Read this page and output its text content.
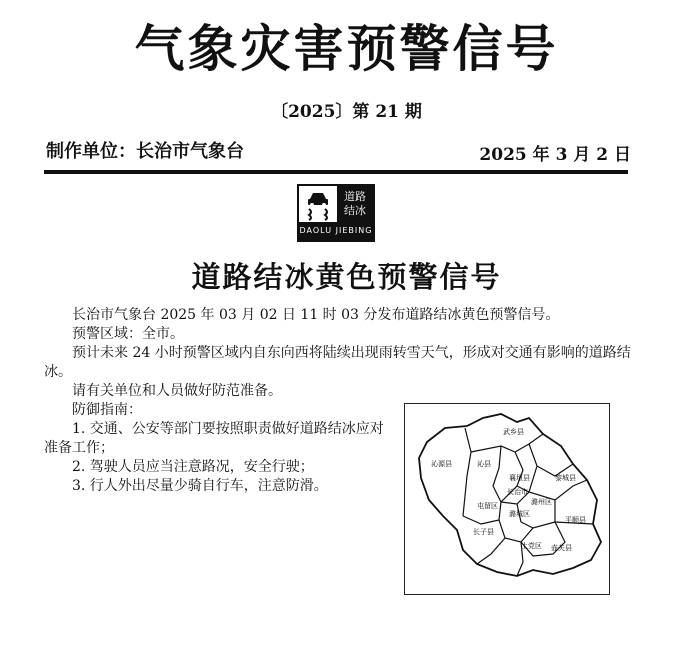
气象灾害预警信号
〔2025〕第 21 期
制作单位：长治市气象台	2025 年 3 月 2 日
道路
结冰
DAOLU JIEBING
道路结冰黄色预警信号

长治市气象台 2025 年 03 月 02 日 11 时 03 分发布道路结冰黄色预警信号。

预警区域：全市。

预计未来 24 小时预警区域内自东向西将陆续出现雨转雪天气，形成对交通有影响的道路结冰。

请有关单位和人员做好防范准备。

防御指南：

1. 交通、公安等部门要按照职责做好道路结冰应对准备工作；

2. 驾驶人员应当注意路况，安全行驶；

3. 行人外出尽量少骑自行车，注意防滑。

武乡县
沁源县	沁县
襄垣县	黎城县
屯留区	潞州区
长治市
潞城区
平顺县
长子县
上党区 壶关县
